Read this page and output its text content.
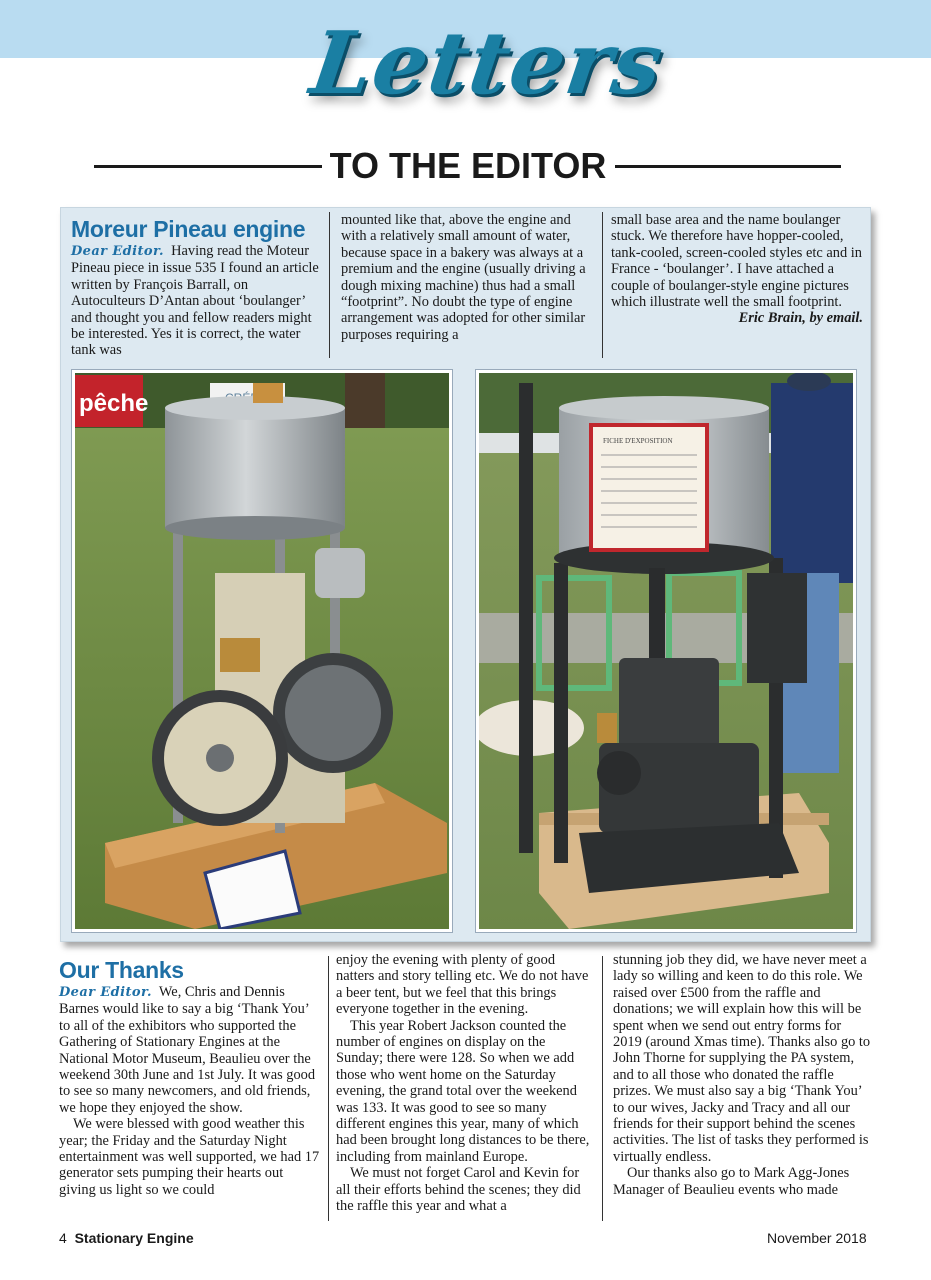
Letters
TO THE EDITOR
Moreur Pineau engine

Dear Editor. Having read the Moteur Pineau piece in issue 535 I found an article written by François Barrall, on Autoculteurs D’Antan about ‘boulanger’ and thought you and fellow readers might be interested. Yes it is correct, the water tank was

mounted like that, above the engine and with a relatively small amount of water, because space in a bakery was always at a premium and the engine (usually driving a dough mixing machine) thus had a small “footprint”. No doubt the type of engine arrangement was adopted for other similar purposes requiring a

small base area and the name boulanger stuck. We therefore have hopper-cooled, tank-cooled, screen-cooled styles etc and in France - ‘boulanger’. I have attached a couple of boulanger-style engine pictures which illustrate well the small footprint.

Eric Brain, by email.

pêche
FICHE D'EXPOSITION
Our Thanks

Dear Editor. We, Chris and Dennis Barnes would like to say a big ‘Thank You’ to all of the exhibitors who supported the Gathering of Stationary Engines at the National Motor Museum, Beaulieu over the weekend 30th June and 1st July. It was good to see so many newcomers, and old friends, we hope they enjoyed the show.

We were blessed with good weather this year; the Friday and the Saturday Night entertainment was well supported, we had 17 generator sets pumping their hearts out giving us light so we could

enjoy the evening with plenty of good natters and story telling etc. We do not have a beer tent, but we feel that this brings everyone together in the evening.

This year Robert Jackson counted the number of engines on display on the Sunday; there were 128. So when we add those who went home on the Saturday evening, the grand total over the weekend was 133. It was good to see so many different engines this year, many of which had been brought long distances to be there, including from mainland Europe.

We must not forget Carol and Kevin for all their efforts behind the scenes; they did the raffle this year and what a

stunning job they did, we have never meet a lady so willing and keen to do this role. We raised over £500 from the raffle and donations; we will explain how this will be spent when we send out entry forms for 2019 (around Xmas time). Thanks also go to John Thorne for supplying the PA system, and to all those who donated the raffle prizes. We must also say a big ‘Thank You’ to our wives, Jacky and Tracy and all our friends for their support behind the scenes activities. The list of tasks they performed is virtually endless.

Our thanks also go to Mark Agg-Jones Manager of Beaulieu events who made

4 Stationary Engine	November 2018
